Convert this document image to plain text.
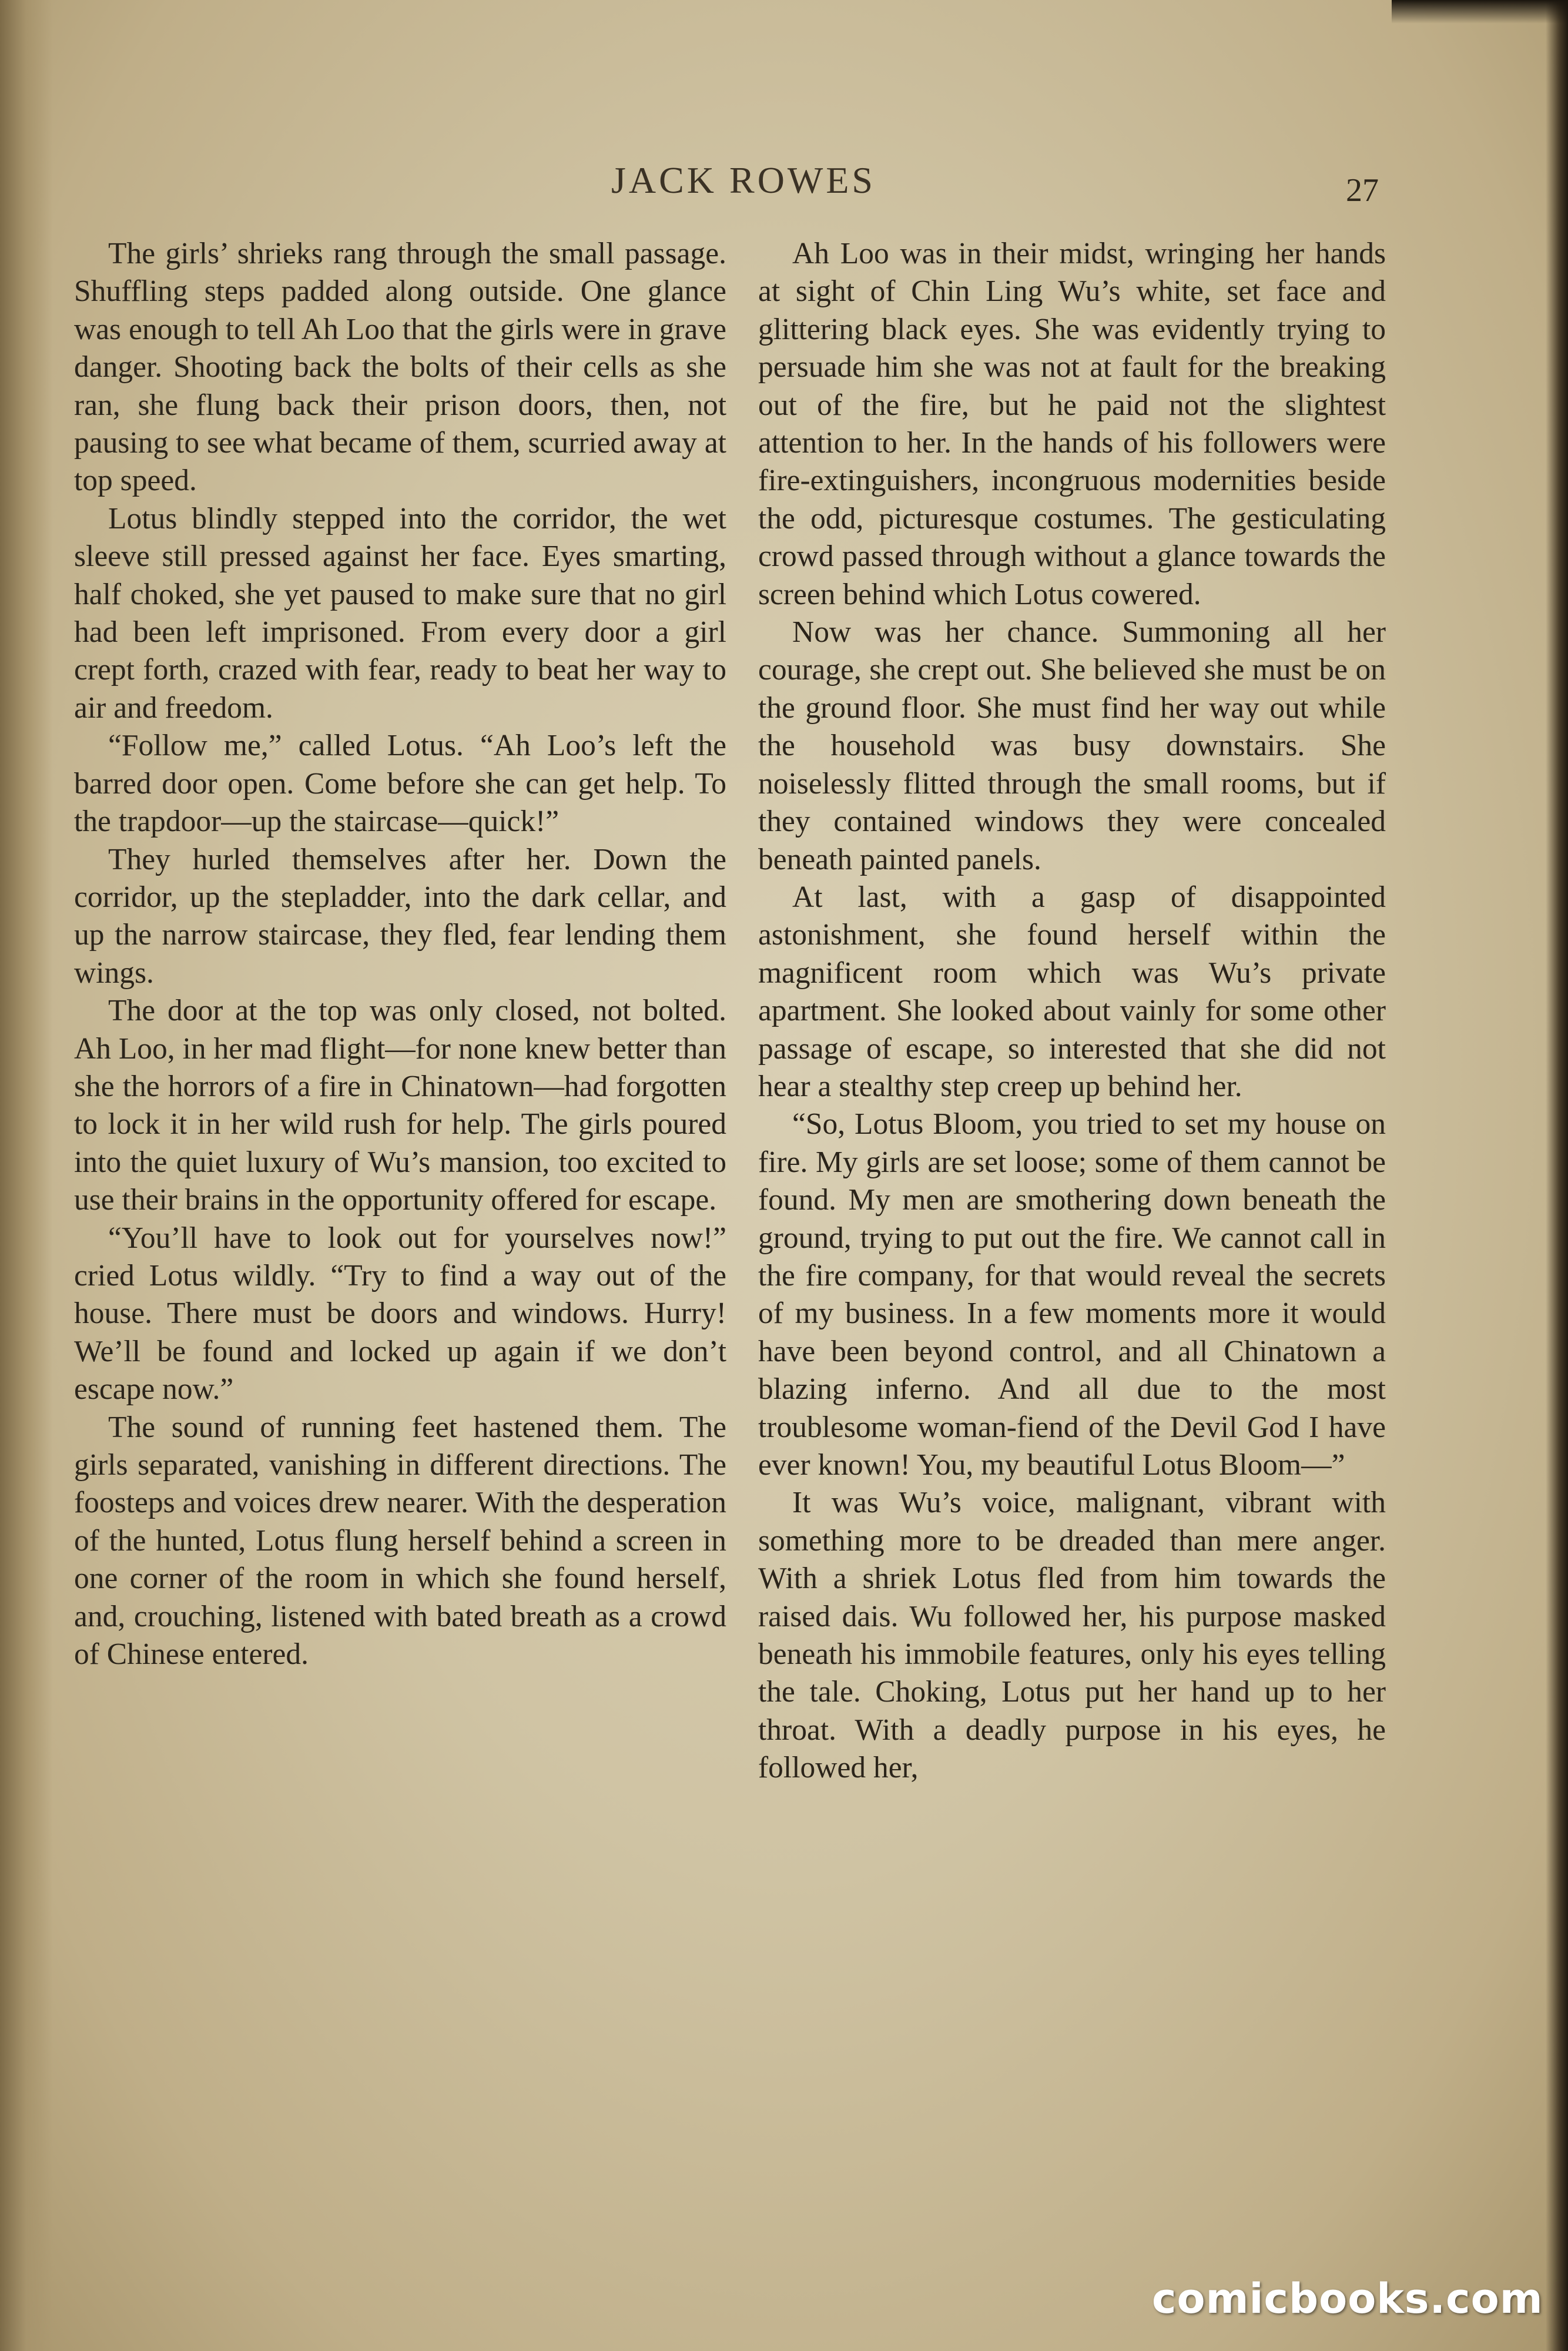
JACK ROWES	27

The girls’ shrieks rang through the small passage. Shuffling steps padded along outside. One glance was enough to tell Ah Loo that the girls were in grave danger. Shooting back the bolts of their cells as she ran, she flung back their prison doors, then, not pausing to see what became of them, scurried away at top speed.

Lotus blindly stepped into the corridor, the wet sleeve still pressed against her face. Eyes smarting, half choked, she yet paused to make sure that no girl had been left imprisoned. From every door a girl crept forth, crazed with fear, ready to beat her way to air and freedom.

“Follow me,” called Lotus. “Ah Loo’s left the barred door open. Come before she can get help. To the trapdoor—up the staircase—quick!”

They hurled themselves after her. Down the corridor, up the stepladder, into the dark cellar, and up the narrow staircase, they fled, fear lending them wings.

The door at the top was only closed, not bolted. Ah Loo, in her mad flight—for none knew better than she the horrors of a fire in Chinatown—had forgotten to lock it in her wild rush for help. The girls poured into the quiet luxury of Wu’s mansion, too excited to use their brains in the opportunity offered for escape.

“You’ll have to look out for yourselves now!” cried Lotus wildly. “Try to find a way out of the house. There must be doors and windows. Hurry! We’ll be found and locked up again if we don’t escape now.”

The sound of running feet hastened them. The girls separated, vanishing in different directions. The foosteps and voices drew nearer. With the desperation of the hunted, Lotus flung herself behind a screen in one corner of the room in which she found herself, and, crouching, listened with bated breath as a crowd of Chinese entered.

Ah Loo was in their midst, wringing her hands at sight of Chin Ling Wu’s white, set face and glittering black eyes. She was evidently trying to persuade him she was not at fault for the breaking out of the fire, but he paid not the slightest attention to her. In the hands of his followers were fire-extinguishers, incongruous modernities beside the odd, picturesque costumes. The gesticulating crowd passed through without a glance towards the screen behind which Lotus cowered.

Now was her chance. Summoning all her courage, she crept out. She believed she must be on the ground floor. She must find her way out while the household was busy downstairs. She noiselessly flitted through the small rooms, but if they contained windows they were concealed beneath painted panels.

At last, with a gasp of disappointed astonishment, she found herself within the magnificent room which was Wu’s private apartment. She looked about vainly for some other passage of escape, so interested that she did not hear a stealthy step creep up behind her.

“So, Lotus Bloom, you tried to set my house on fire. My girls are set loose; some of them cannot be found. My men are smothering down beneath the ground, trying to put out the fire. We cannot call in the fire company, for that would reveal the secrets of my business. In a few moments more it would have been beyond control, and all Chinatown a blazing inferno. And all due to the most troublesome woman-fiend of the Devil God I have ever known! You, my beautiful Lotus Bloom—”

It was Wu’s voice, malignant, vibrant with something more to be dreaded than mere anger. With a shriek Lotus fled from him towards the raised dais. Wu followed her, his purpose masked beneath his immobile features, only his eyes telling the tale. Choking, Lotus put her hand up to her throat. With a deadly purpose in his eyes, he followed her,

comicbooks.com
